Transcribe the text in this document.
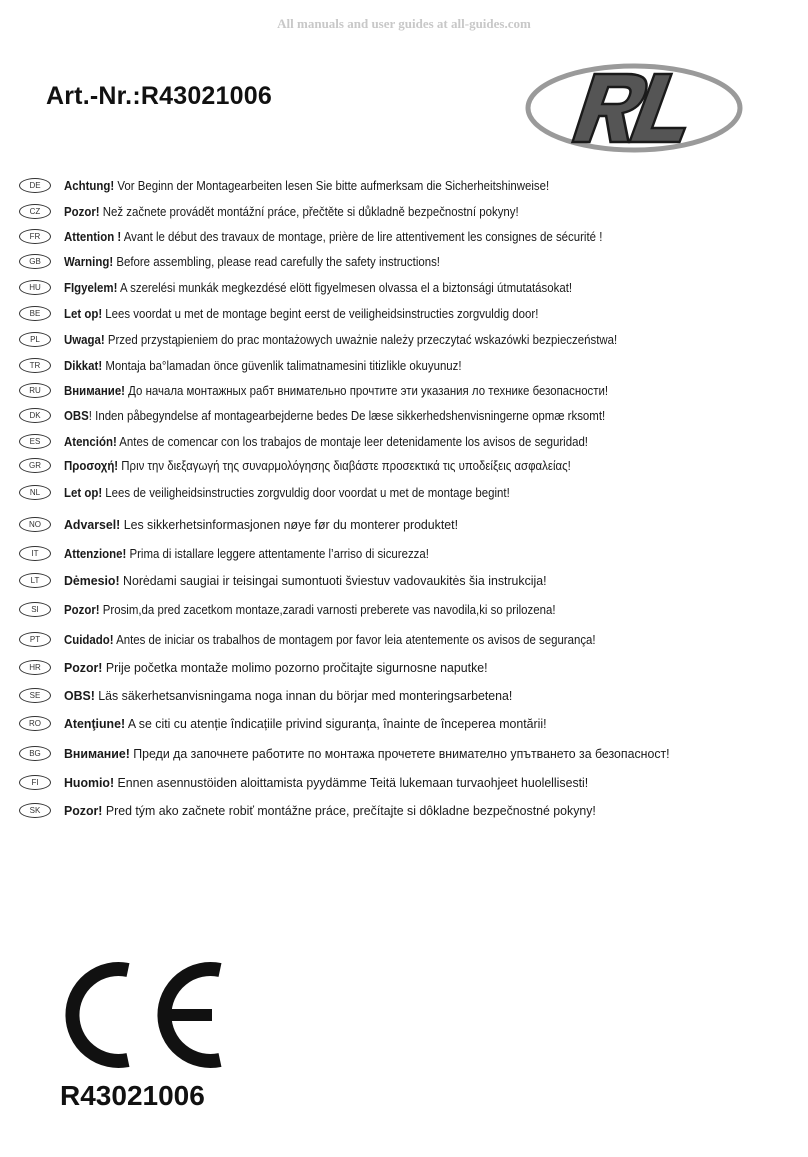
All manuals and user guides at all-guides.com
Art.-Nr.:R43021006
DE	Achtung! Vor Beginn der Montagearbeiten lesen Sie bitte aufmerksam die Sicherheitshinweise!
CZ	Pozor! Než začnete provádět montážní práce, přečtěte si důkladně bezpečnostní pokyny!
FR	Attention ! Avant le début des travaux de montage, prière de lire attentivement les consignes de sécurité !
GB	Warning! Before assembling, please read carefully the safety instructions!
HU	FIgyelem! A szerelési munkák megkezdésé elött figyelmesen olvassa el a biztonsági útmutatásokat!
BE	Let op! Lees voordat u met de montage begint eerst de veiligheidsinstructies zorgvuldig door!
PL	Uwaga! Przed przystąpieniem do prac montażowych uważnie należy przeczytać wskazówki bezpieczeństwa!
TR	Dikkat! Montaja ba°lamadan önce güvenlik talimatnamesini titizlikle okuyunuz!
RU	Внимание! До начала монтажных рабт внимательно прочтите эти указания ло технике безопасности!
DK	OBS! Inden påbegyndelse af montagearbejderne bedes De læse sikkerhedshenvisningerne opmæ rksomt!
ES	Atención! Antes de comencar con los trabajos de montaje leer detenidamente los avisos de seguridad!
GR	Προσοχή! Πριν την διεξαγωγή της συναρμολόγησης διαβάστε προσεκτικά τις υποδείξεις ασφαλείας!
NL	Let op! Lees de veiligheidsinstructies zorgvuldig door voordat u met de montage begint!
NO	Advarsel! Les sikkerhetsinformasjonen nøye før du monterer produktet!
IT	Attenzione! Prima di istallare leggere attentamente l’arriso di sicurezza!
LT	Dėmesio! Norėdami saugiai ir teisingai sumontuoti šviestuv vadovaukitės šia instrukcija!
SI	Pozor! Prosim,da pred zacetkom montaze,zaradi varnosti preberete vas navodila,ki so prilozena!
PT	Cuidado! Antes de iniciar os trabalhos de montagem por favor leia atentemente os avisos de segurança!
HR	Pozor! Prije početka montaže molimo pozorno pročitajte sigurnosne naputke!
SE	OBS! Läs säkerhetsanvisningama noga innan du börjar med monteringsarbetena!
RO	Atenţiune! A se citi cu atenție îndicațiile privind siguranța, înainte de începerea montării!
BG	Внимание! Преди да започнете работите по монтажа прочетете внимателно упътването за безопасност!
FI	Huomio! Ennen asennustöiden aloittamista pyydämme Teitä lukemaan turvaohjeet huolellisesti!
SK	Pozor! Pred tým ako začnete robiť montážne práce, prečítajte si dôkladne bezpečnostné pokyny!
R43021006
